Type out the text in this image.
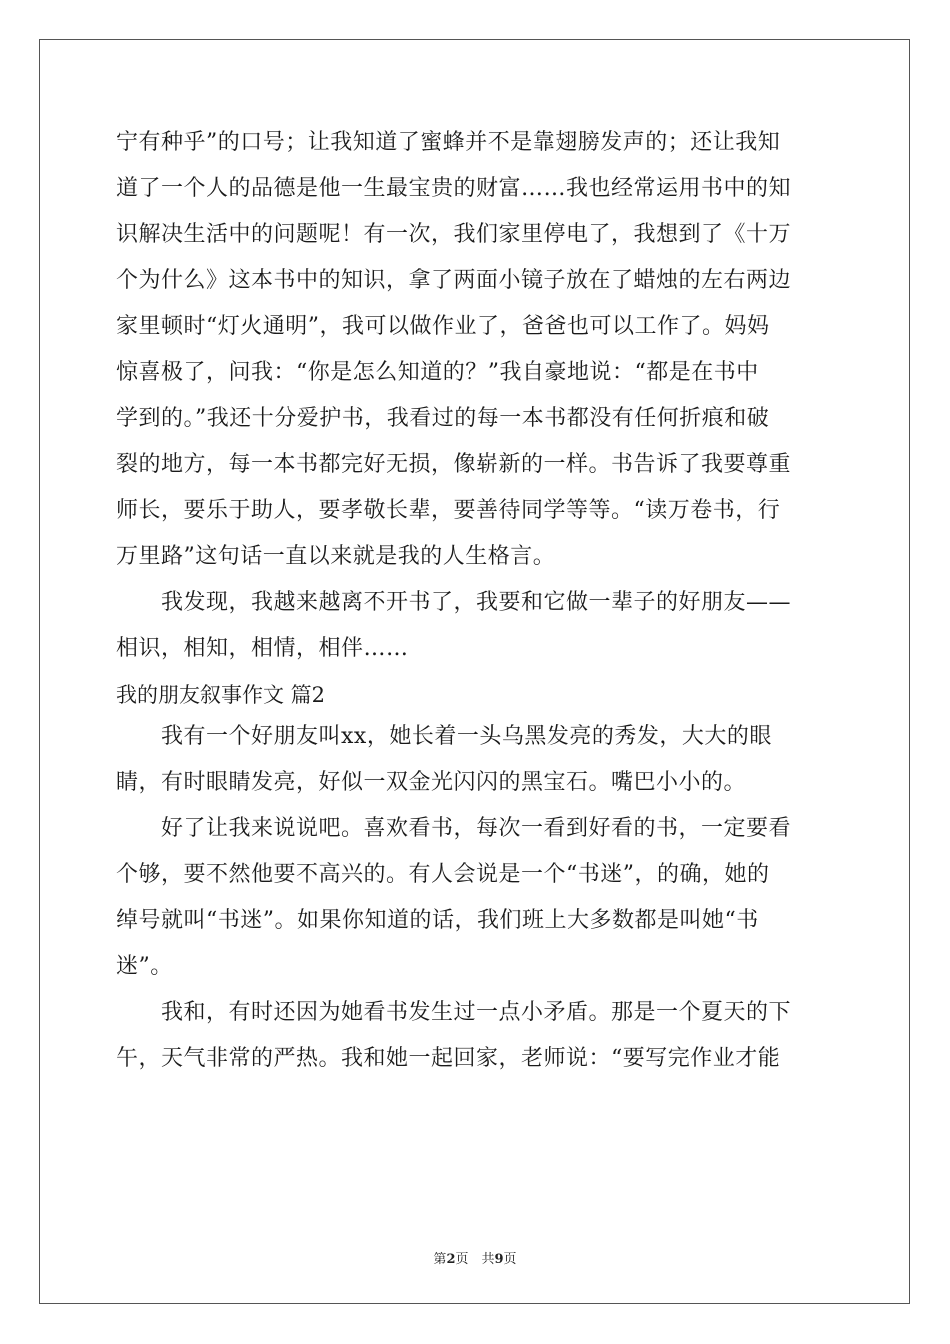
宁有种乎”的口号；让我知道了蜜蜂并不是靠翅膀发声的；还让我知
道了一个人的品德是他一生最宝贵的财富……我也经常运用书中的知
识解决生活中的问题呢！有一次，我们家里停电了，我想到了《十万
个为什么》这本书中的知识，拿了两面小镜子放在了蜡烛的左右两边
家里顿时“灯火通明”，我可以做作业了，爸爸也可以工作了。妈妈
惊喜极了，问我：“你是怎么知道的？”我自豪地说：“都是在书中
学到的。”我还十分爱护书，我看过的每一本书都没有任何折痕和破
裂的地方，每一本书都完好无损，像崭新的一样。书告诉了我要尊重
师长，要乐于助人，要孝敬长辈，要善待同学等等。“读万卷书，行
万里路”这句话一直以来就是我的人生格言。
　　我发现，我越来越离不开书了，我要和它做一辈子的好朋友——
相识，相知，相情，相伴……
我的朋友叙事作文 篇2
　　我有一个好朋友叫xx，她长着一头乌黑发亮的秀发，大大的眼
睛，有时眼睛发亮，好似一双金光闪闪的黑宝石。嘴巴小小的。
　　好了让我来说说吧。喜欢看书，每次一看到好看的书，一定要看
个够，要不然他要不高兴的。有人会说是一个“书迷”，的确，她的
绰号就叫“书迷”。如果你知道的话，我们班上大多数都是叫她“书
迷”。
　　我和，有时还因为她看书发生过一点小矛盾。那是一个夏天的下
午，天气非常的严热。我和她一起回家，老师说：“要写完作业才能
第2页　共9页
